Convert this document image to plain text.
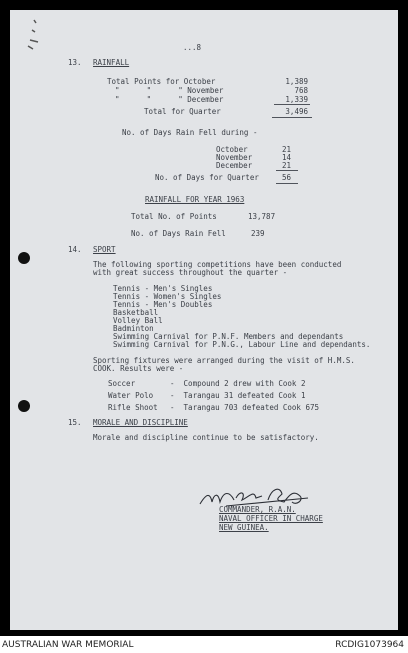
...8
13. RAINFALL
Total Points for October	1,389
"      "      " November	768
"      "      " December	1,339
Total for Quarter	3,496
No. of Days Rain Fell during -
October	21
November	14
December	21
No. of Days for Quarter	56
RAINFALL FOR YEAR 1963
Total No. of Points	13,787
No. of Days Rain Fell	239
14. SPORT
The following sporting competitions have been conducted
with great success throughout the quarter -
Tennis - Men's Singles
Tennis - Women's Singles
Tennis - Men's Doubles
Basketball
Volley Ball
Badminton
Swimming Carnival for P.N.F. Members and dependants
Swimming Carnival for P.N.G., Labour Line and dependants.
Sporting fixtures were arranged during the visit of H.M.S.
COOK. Results were -
Soccer	-  Compound 2 drew with Cook 2
Water Polo -  Tarangau 31 defeated Cook 1
Rifle Shoot -  Tarangau 703 defeated Cook 675
15. MORALE AND DISCIPLINE
Morale and discipline continue to be satisfactory.
COMMANDER, R.A.N.
NAVAL OFFICER IN CHARGE
NEW GUINEA.
AUSTRALIAN WAR MEMORIAL	RCDIG1073964
